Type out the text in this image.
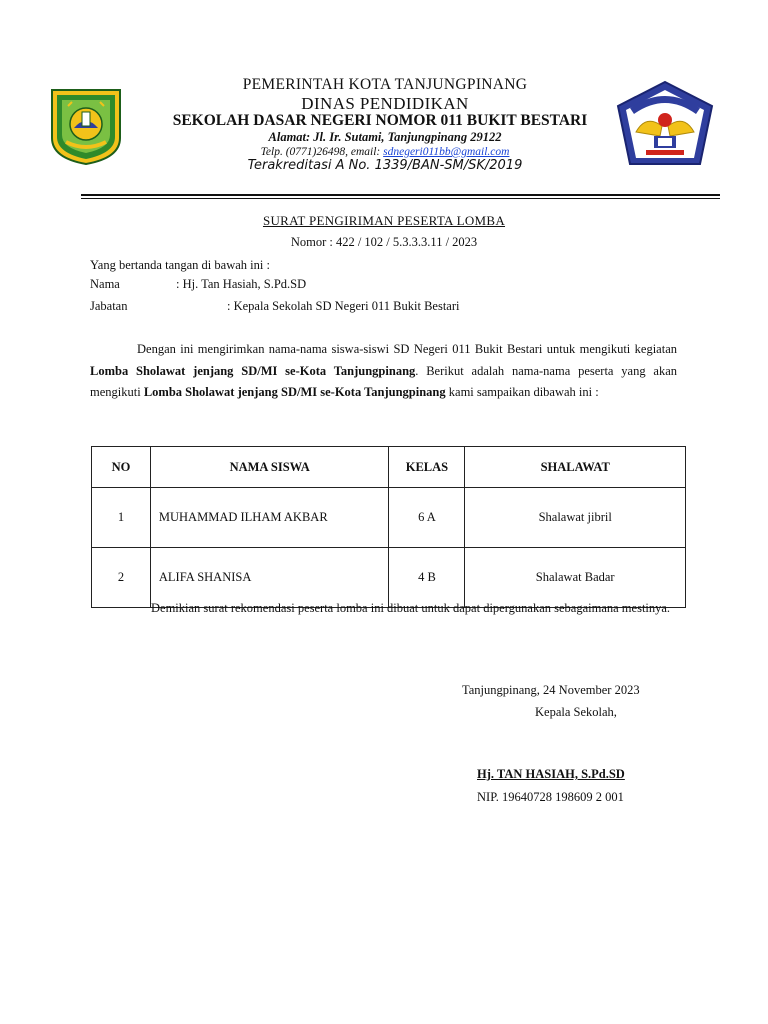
PEMERINTAH KOTA TANJUNGPINANG
DINAS PENDIDIKAN
SEKOLAH DASAR NEGERI NOMOR 011 BUKIT BESTARI
Alamat: Jl. Ir. Sutami, Tanjungpinang 29122
Telp. (0771)26498, email: sdnegeri011bb@gmail.com
Terakreditasi A No. 1339/BAN-SM/SK/2019
SURAT PENGIRIMAN PESERTA LOMBA
Nomor : 422 / 102 / 5.3.3.3.11 / 2023
Yang bertanda tangan di bawah ini :
Nama	: Hj. Tan Hasiah, S.Pd.SD
Jabatan	: Kepala Sekolah SD Negeri 011 Bukit Bestari
Dengan ini mengirimkan nama-nama siswa-siswi SD Negeri 011 Bukit Bestari untuk mengikuti kegiatan Lomba Sholawat jenjang SD/MI se-Kota Tanjungpinang. Berikut adalah nama-nama peserta yang akan mengikuti Lomba Sholawat jenjang SD/MI se-Kota Tanjungpinang kami sampaikan dibawah ini :
NO	NAMA SISWA	KELAS	SHALAWAT
1	MUHAMMAD ILHAM AKBAR	6 A	Shalawat jibril
2	ALIFA SHANISA	4 B	Shalawat Badar
Demikian surat rekomendasi peserta lomba ini dibuat untuk dapat dipergunakan sebagaimana mestinya.
Tanjungpinang, 24 November 2023
Kepala Sekolah,
Hj. TAN HASIAH, S.Pd.SD
NIP. 19640728 198609 2 001
